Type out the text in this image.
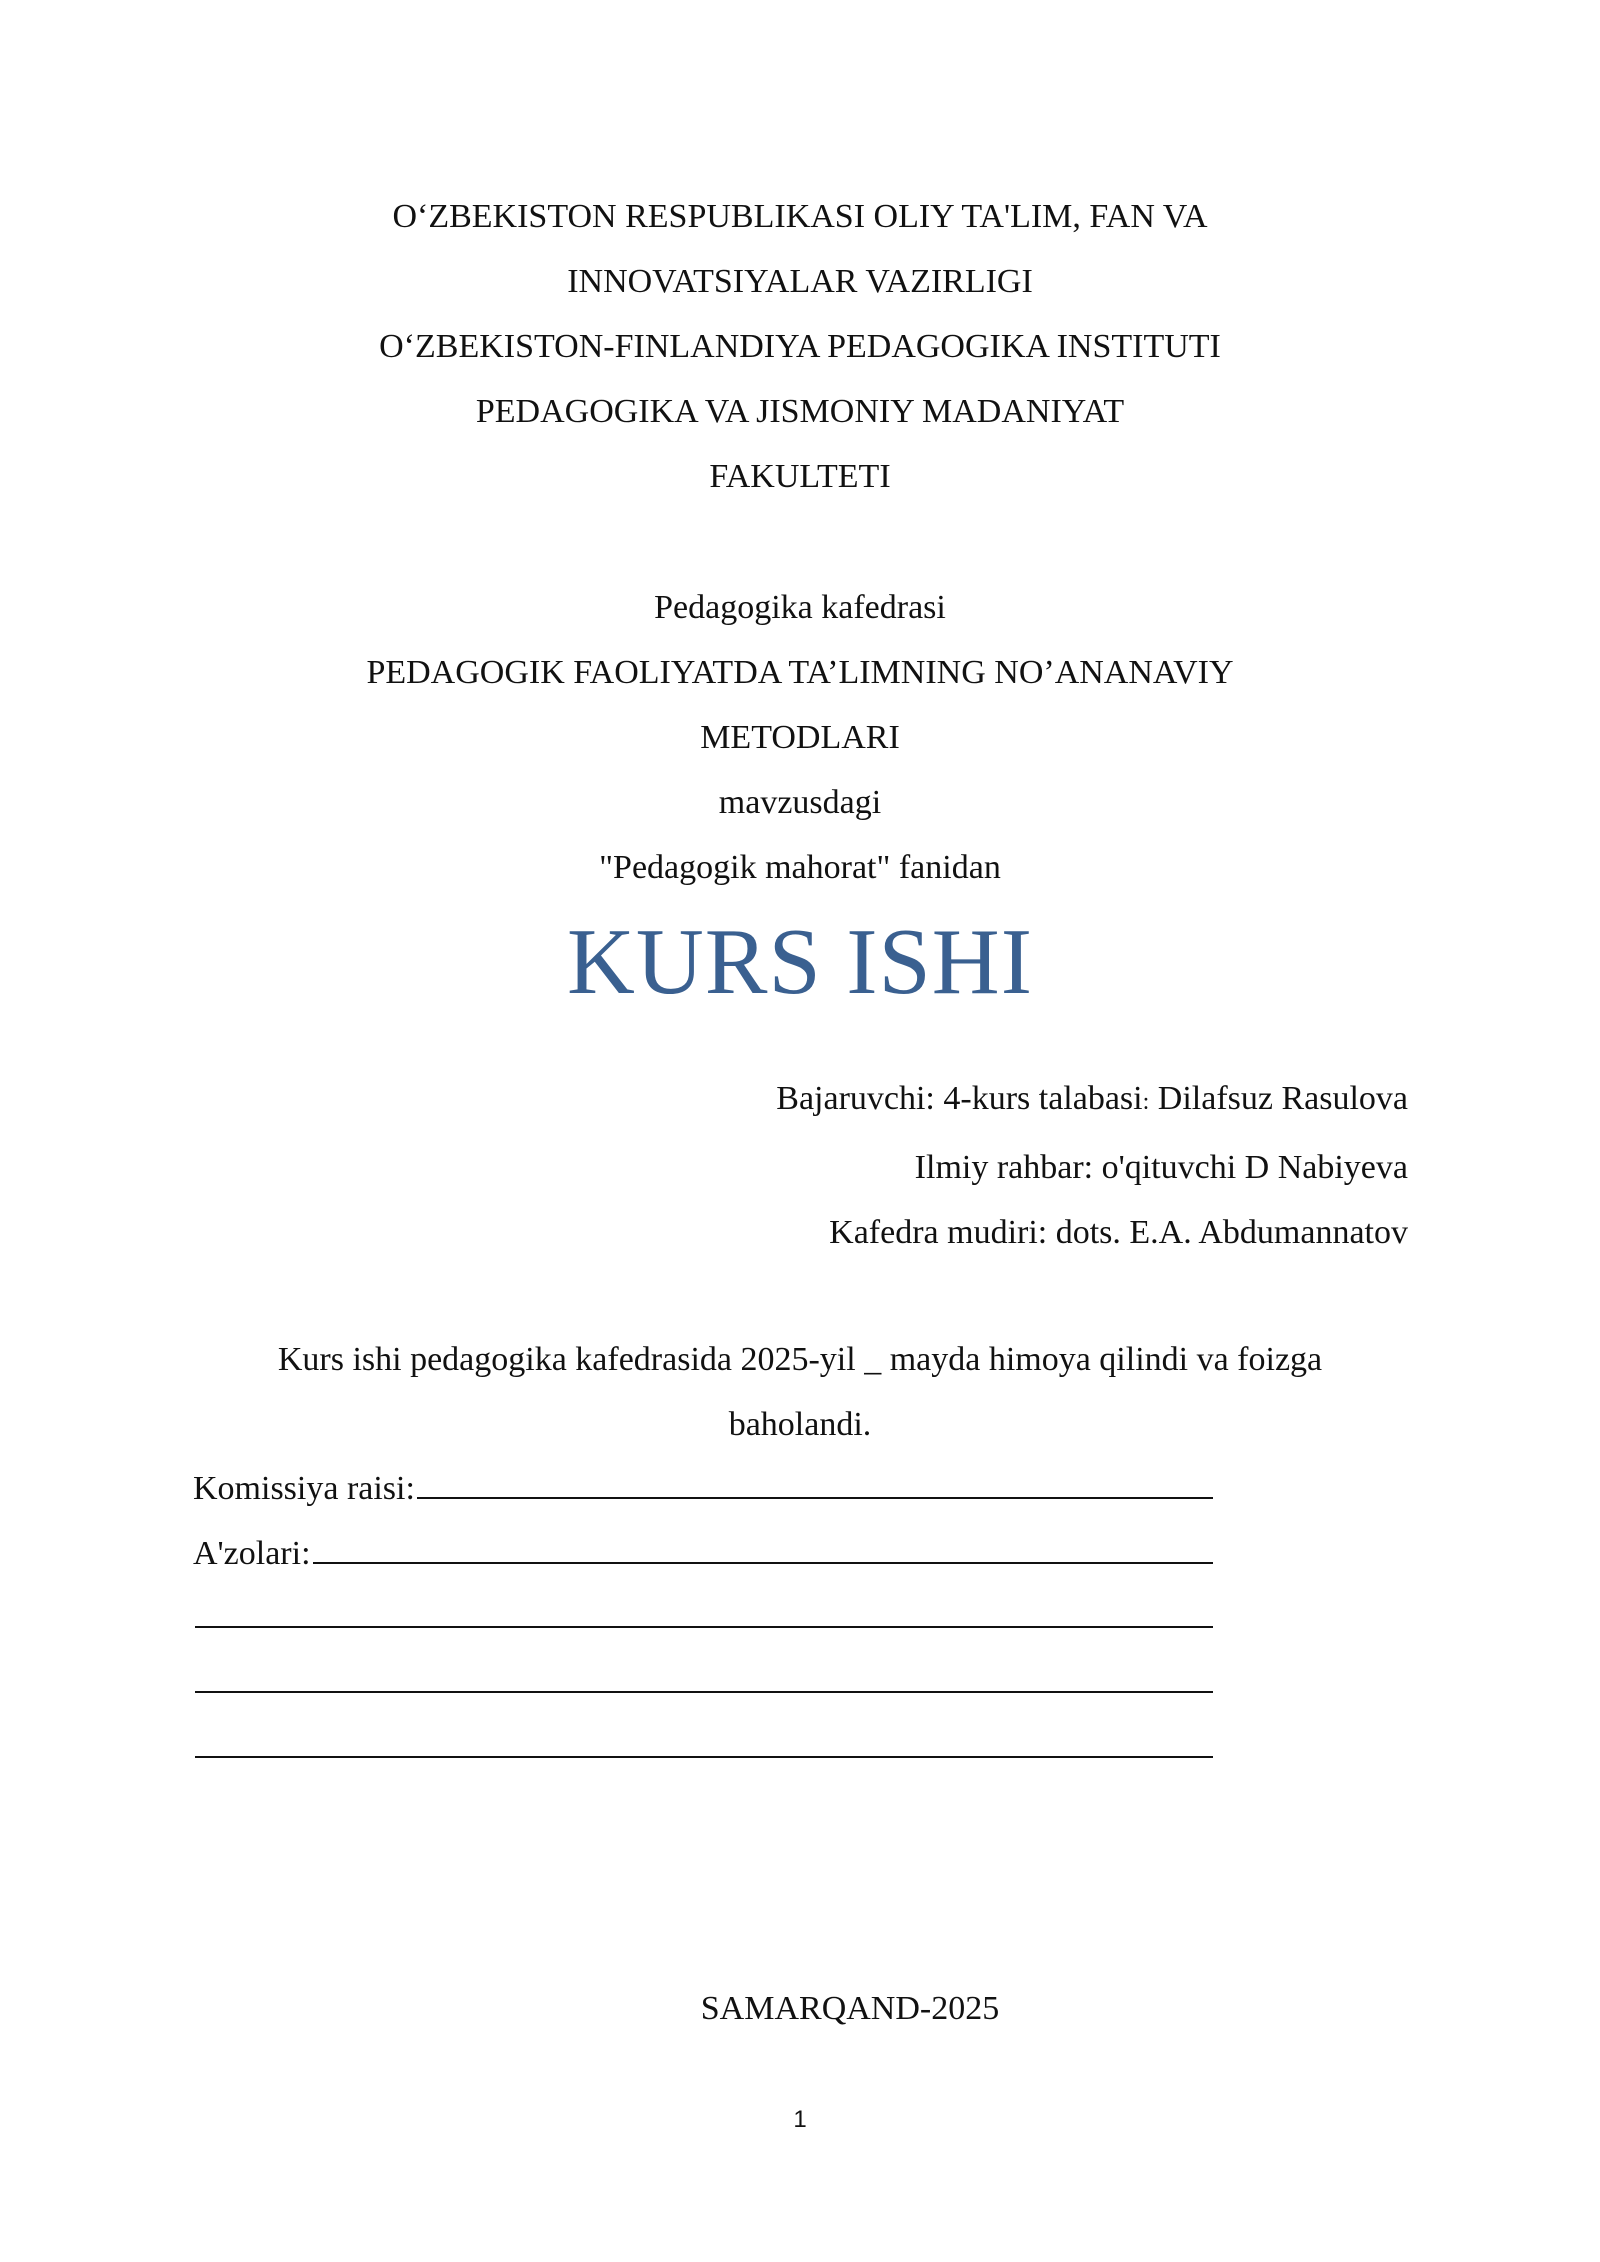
O‘ZBEKISTON RESPUBLIKASI OLIY TA'LIM, FAN VA
INNOVATSIYALAR VAZIRLIGI
O‘ZBEKISTON-FINLANDIYA PEDAGOGIKA INSTITUTI
PEDAGOGIKA VA JISMONIY MADANIYAT
FAKULTETI
Pedagogika kafedrasi
PEDAGOGIK FAOLIYATDA TA’LIMNING NO’ANANAVIY
METODLARI
mavzusdagi
"Pedagogik mahorat" fanidan
KURS ISHI
Bajaruvchi: 4-kurs talabasi: Dilafsuz Rasulova
Ilmiy rahbar: o'qituvchi D Nabiyeva
Kafedra mudiri: dots. E.A. Abdumannatov
Kurs ishi pedagogika kafedrasida 2025-yil _ mayda himoya qilindi va foizga
baholandi.
Komissiya raisi:
A'zolari:
SAMARQAND-2025
1
